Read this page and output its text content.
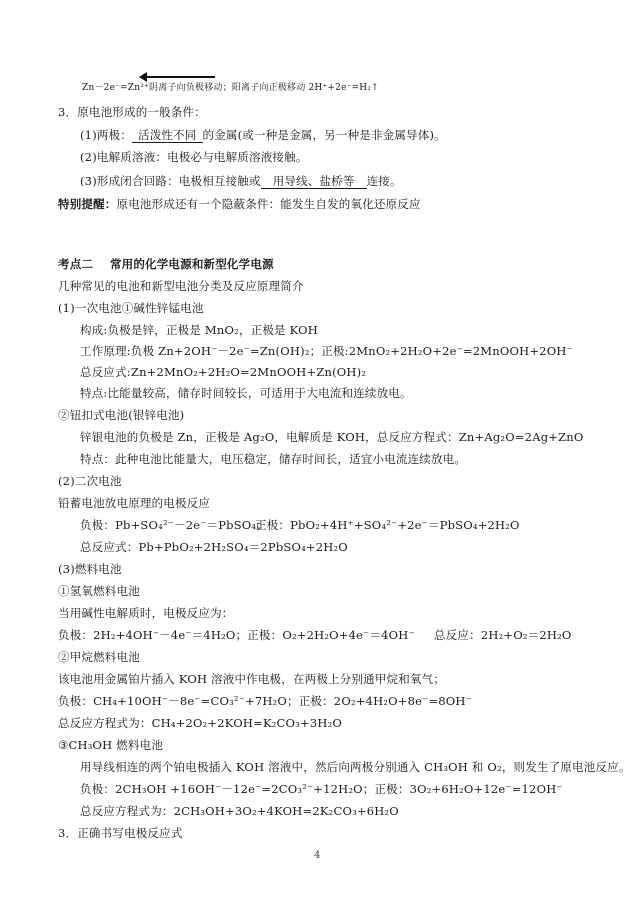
Zn－2e⁻=Zn²⁺阴离子向负极移动；阳离子向正极移动 2H⁺+2e⁻=H₂↑
3．原电池形成的一般条件：
(1)两极： 活泼性不同 的金属(或一种是金属，另一种是非金属导体)。
(2)电解质溶液：电极必与电解质溶液接触。
(3)形成闭合回路：电极相互接触或 用导线、盐桥等 连接。
特别提醒：原电池形成还有一个隐蔽条件：能发生自发的氧化还原反应
考点二 常用的化学电源和新型化学电源
几种常见的电池和新型电池分类及反应原理简介
(1)一次电池①碱性锌锰电池
构成:负极是锌，正极是 MnO₂，正极是 KOH
工作原理:负极 Zn+2OH⁻－2e⁻=Zn(OH)₂；正极:2MnO₂+2H₂O+2e⁻=2MnOOH+2OH⁻
总反应式:Zn+2MnO₂+2H₂O=2MnOOH+Zn(OH)₂
特点:比能量较高，储存时间较长，可适用于大电流和连续放电。
②钮扣式电池(银锌电池)
锌银电池的负极是 Zn，正极是 Ag₂O，电解质是 KOH，总反应方程式：Zn+Ag₂O=2Ag+ZnO
特点：此种电池比能量大，电压稳定，储存时间长，适宜小电流连续放电。
(2)二次电池
铅蓄电池放电原理的电极反应
负极：Pb+SO₄²⁻－2e⁻＝PbSO₄；
正极：PbO₂+4H⁺+SO₄²⁻+2e⁻＝PbSO₄+2H₂O
总反应式：Pb+PbO₂+2H₂SO₄＝2PbSO₄+2H₂O
(3)燃料电池
①氢氧燃料电池
当用碱性电解质时，电极反应为：
负极：2H₂+4OH⁻－4e⁻＝4H₂O；正极：O₂+2H₂O+4e⁻＝4OH⁻ 总反应：2H₂+O₂＝2H₂O
②甲烷燃料电池
该电池用金属铂片插入 KOH 溶液中作电极，在两极上分别通甲烷和氧气；
负极：CH₄+10OH⁻－8e⁻=CO₃²⁻+7H₂O；正极：2O₂+4H₂O+8e⁻=8OH⁻
总反应方程式为：CH₄+2O₂+2KOH=K₂CO₃+3H₂O
③CH₃OH 燃料电池
用导线相连的两个铂电极插入 KOH 溶液中，然后向两极分别通入 CH₃OH 和 O₂，则发生了原电池反应。
负极：2CH₃OH +16OH⁻－12e⁻=2CO₃²⁻+12H₂O；正极：3O₂+6H₂O+12e⁻=12OH⁻
总反应方程式为：2CH₃OH+3O₂+4KOH=2K₂CO₃+6H₂O
3．正确书写电极反应式
4
